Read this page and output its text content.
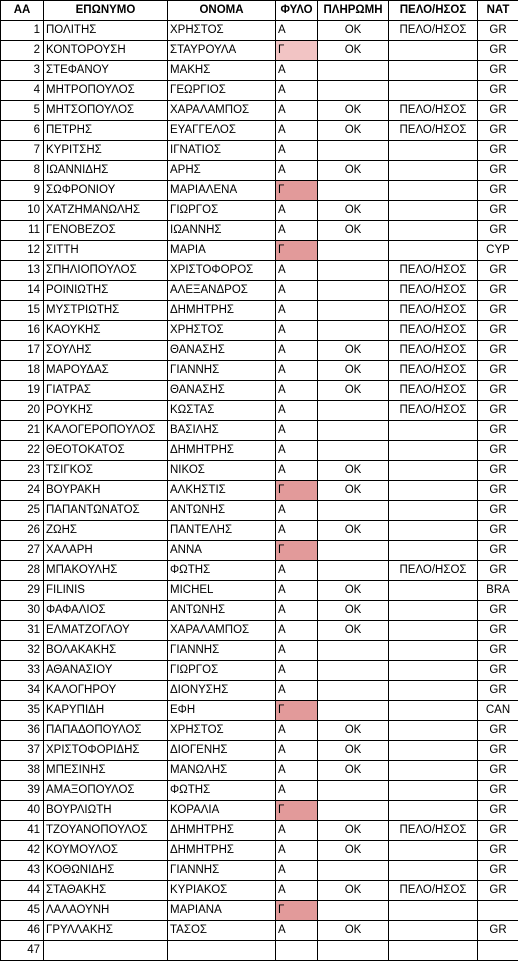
AA	ΕΠΩΝΥΜΟ	ΟΝΟΜΑ	ΦΥΛΟ	ΠΛΗΡΩΜΗ	ΠΕΛΟ/ΗΣΟΣ	NAT
1	ΠΟΛΙΤΗΣ	ΧΡΗΣΤΟΣ	Α	ΟΚ	ΠΕΛΟ/ΗΣΟΣ	GR
2	ΚΟΝΤΟΡΟΥΣΗ	ΣΤΑΥΡΟΥΛΑ	Γ	ΟΚ		GR
3	ΣΤΕΦΑΝΟΥ	ΜΑΚΗΣ	Α			GR
4	ΜΗΤΡΟΠΟΥΛΟΣ	ΓΕΩΡΓΙΟΣ	Α			GR
5	ΜΗΤΣΟΠΟΥΛΟΣ	ΧΑΡΑΛΑΜΠΟΣ	Α	ΟΚ	ΠΕΛΟ/ΗΣΟΣ	GR
6	ΠΕΤΡΗΣ	ΕΥΑΓΓΕΛΟΣ	Α	ΟΚ	ΠΕΛΟ/ΗΣΟΣ	GR
7	ΚΥΡΙΤΣΗΣ	ΙΓΝΑΤΙΟΣ	Α			GR
8	ΙΩΑΝΝΙΔΗΣ	ΑΡΗΣ	Α	ΟΚ		GR
9	ΣΩΦΡΟΝΙΟΥ	ΜΑΡΙΑΛΕΝΑ	Γ			GR
10	ΧΑΤΖΗΜΑΝΩΛΗΣ	ΓΙΩΡΓΟΣ	Α	ΟΚ		GR
11	ΓΕΝΟΒΕΖΟΣ	ΙΩΑΝΝΗΣ	Α	ΟΚ		GR
12	ΣΙΤΤΗ	ΜΑΡΙΑ	Γ			CYP
13	ΣΠΗΛΙΟΠΟΥΛΟΣ	ΧΡΙΣΤΟΦΟΡΟΣ	Α		ΠΕΛΟ/ΗΣΟΣ	GR
14	ΡΟΙΝΙΩΤΗΣ	ΑΛΕΞΑΝΔΡΟΣ	Α		ΠΕΛΟ/ΗΣΟΣ	GR
15	ΜΥΣΤΡΙΩΤΗΣ	ΔΗΜΗΤΡΗΣ	Α		ΠΕΛΟ/ΗΣΟΣ	GR
16	ΚΑΟΥΚΗΣ	ΧΡΗΣΤΟΣ	Α		ΠΕΛΟ/ΗΣΟΣ	GR
17	ΣΟΥΛΗΣ	ΘΑΝΑΣΗΣ	Α	ΟΚ	ΠΕΛΟ/ΗΣΟΣ	GR
18	ΜΑΡΟΥΔΑΣ	ΓΙΑΝΝΗΣ	Α	ΟΚ	ΠΕΛΟ/ΗΣΟΣ	GR
19	ΓΙΑΤΡΑΣ	ΘΑΝΑΣΗΣ	Α	ΟΚ	ΠΕΛΟ/ΗΣΟΣ	GR
20	ΡΟΥΚΗΣ	ΚΩΣΤΑΣ	Α		ΠΕΛΟ/ΗΣΟΣ	GR
21	ΚΑΛΟΓΕΡΟΠΟΥΛΟΣ	ΒΑΣΙΛΗΣ	Α			GR
22	ΘΕΟΤΟΚΑΤΟΣ	ΔΗΜΗΤΡΗΣ	Α			GR
23	ΤΣΙΓΚΟΣ	ΝΙΚΟΣ	Α	ΟΚ		GR
24	ΒΟΥΡΑΚΗ	ΑΛΚΗΣΤΙΣ	Γ	ΟΚ		GR
25	ΠΑΠΑΝΤΩΝΑΤΟΣ	ΑΝΤΩΝΗΣ	Α			GR
26	ΖΩΗΣ	ΠΑΝΤΕΛΗΣ	Α	ΟΚ		GR
27	ΧΑΛΑΡΗ	ΑΝΝΑ	Γ			GR
28	ΜΠΑΚΟΥΛΗΣ	ΦΩΤΗΣ	Α		ΠΕΛΟ/ΗΣΟΣ	GR
29	FILINIS	MICHEL	Α	ΟΚ		BRA
30	ΦΑΦΑΛΙΟΣ	ΑΝΤΩΝΗΣ	Α	ΟΚ		GR
31	ΕΛΜΑΤΖΟΓΛΟΥ	ΧΑΡΑΛΑΜΠΟΣ	Α	ΟΚ		GR
32	ΒΟΛΑΚΑΚΗΣ	ΓΙΑΝΝΗΣ	Α			GR
33	ΑΘΑΝΑΣΙΟΥ	ΓΙΩΡΓΟΣ	Α			GR
34	ΚΑΛΟΓΗΡΟΥ	ΔΙΟΝΥΣΗΣ	Α			GR
35	ΚΑΡΥΠΙΔΗ	ΕΦΗ	Γ			CAN
36	ΠΑΠΑΔΟΠΟΥΛΟΣ	ΧΡΗΣΤΟΣ	Α	ΟΚ		GR
37	ΧΡΙΣΤΟΦΟΡΙΔΗΣ	ΔΙΟΓΕΝΗΣ	Α	ΟΚ		GR
38	ΜΠΕΣΙΝΗΣ	ΜΑΝΩΛΗΣ	Α	ΟΚ		GR
39	ΑΜΑΞΟΠΟΥΛΟΣ	ΦΩΤΗΣ	Α			GR
40	ΒΟΥΡΛΙΩΤΗ	ΚΟΡΑΛΙΑ	Γ			GR
41	ΤΖΟΥΑΝΟΠΟΥΛΟΣ	ΔΗΜΗΤΡΗΣ	Α	ΟΚ	ΠΕΛΟ/ΗΣΟΣ	GR
42	ΚΟΥΜΟΥΛΟΣ	ΔΗΜΗΤΡΗΣ	Α	ΟΚ		GR
43	ΚΟΘΩΝΙΔΗΣ	ΓΙΑΝΝΗΣ	Α			GR
44	ΣΤΑΘΑΚΗΣ	ΚΥΡΙΑΚΟΣ	Α	ΟΚ	ΠΕΛΟ/ΗΣΟΣ	GR
45	ΛΑΛΑΟΥΝΗ	ΜΑΡΙΑΝΑ	Γ			
46	ΓΡΥΛΛΑΚΗΣ	ΤΑΣΟΣ	Α	ΟΚ		GR
47						
